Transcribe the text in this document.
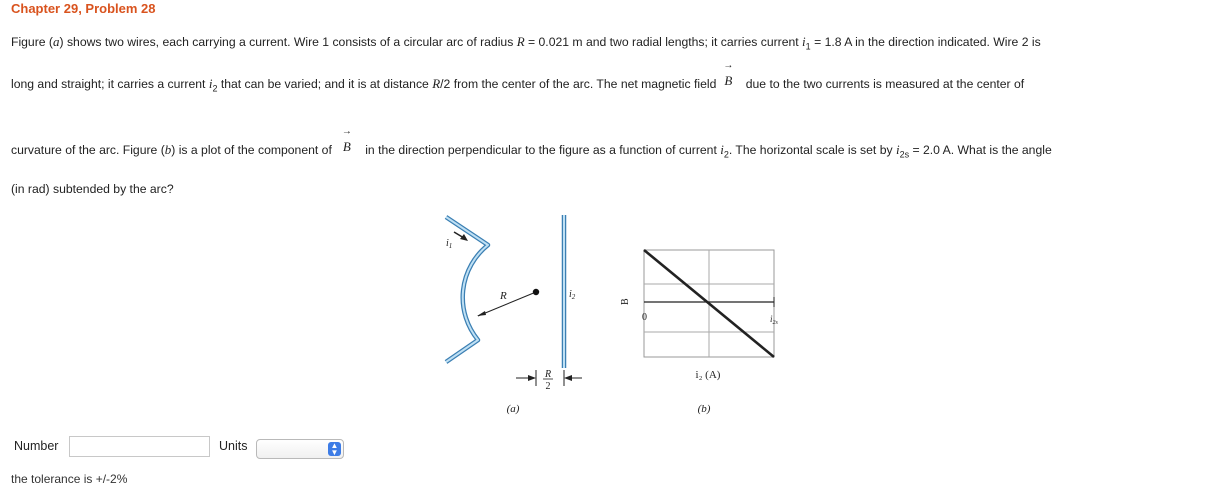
Chapter 29, Problem 28
Figure (a) shows two wires, each carrying a current. Wire 1 consists of a circular arc of radius R = 0.021 m and two radial lengths; it carries current $i_1 = 1.8$ A in the direction indicated. Wire 2 is
long and straight; it carries a current $i_2$ that can be varied; and it is at distance R/2 from the center of the arc. The net magnetic field
→
B due to the two currents is measured at the center of
curvature of the arc. Figure (b) is a plot of the component of
→
B in the direction perpendicular to the figure as a function of current $i_2$. The horizontal scale is set by $i_{2s} = 2.0$ A. What is the angle
(in rad) subtended by the arc?
$i_1$
R	$i_2$
R
2
(a)
B
0	$i_{2s}$
i₂ (A)
(b)
Number	Units	▲
▼
the tolerance is +/-2%
